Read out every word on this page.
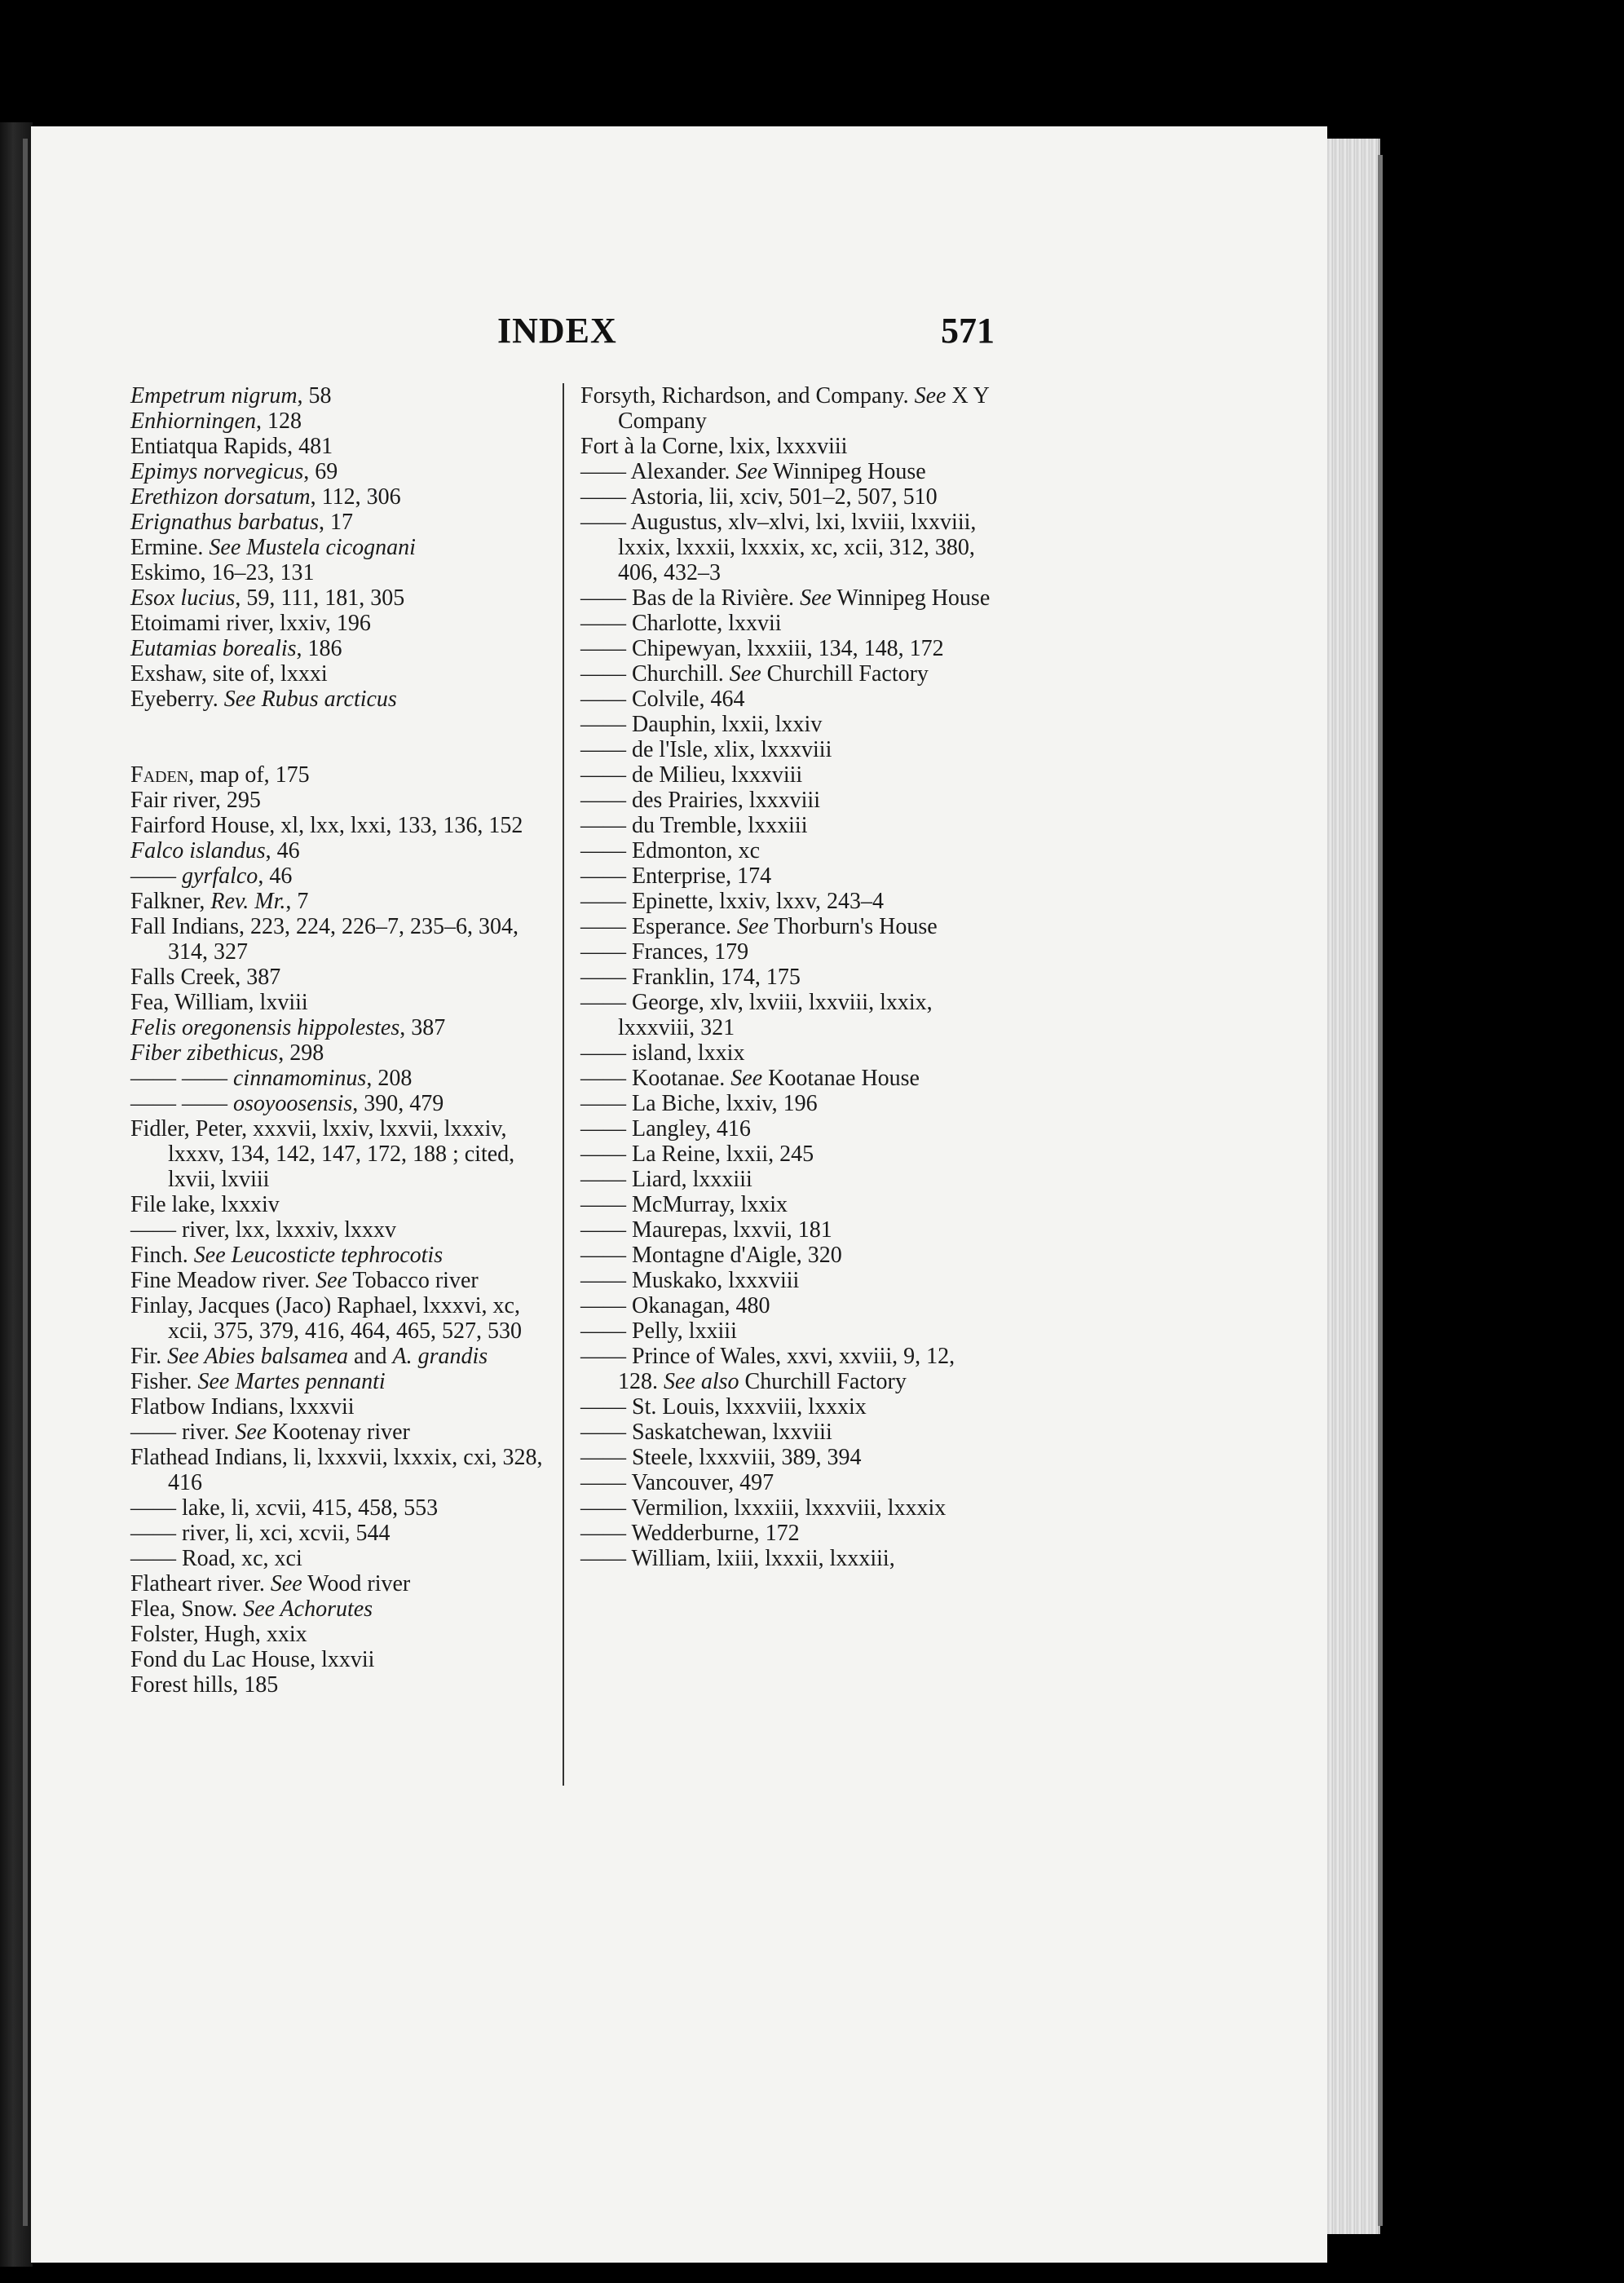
INDEX	571

Empetrum nigrum, 58

Enhiorningen, 128

Entiatqua Rapids, 481

Epimys norvegicus, 69

Erethizon dorsatum, 112, 306

Erignathus barbatus, 17

Ermine. See Mustela cicognani

Eskimo, 16–23, 131

Esox lucius, 59, 111, 181, 305

Etoimami river, lxxiv, 196

Eutamias borealis, 186

Exshaw, site of, lxxxi

Eyeberry. See Rubus arcticus

Faden, map of, 175

Fair river, 295

Fairford House, xl, lxx, lxxi, 133, 136, 152

Falco islandus, 46

—— gyrfalco, 46

Falkner, Rev. Mr., 7

Fall Indians, 223, 224, 226–7, 235–6, 304, 314, 327

Falls Creek, 387

Fea, William, lxviii

Felis oregonensis hippolestes, 387

Fiber zibethicus, 298

—— —— cinnamominus, 208

—— —— osoyoosensis, 390, 479

Fidler, Peter, xxxvii, lxxiv, lxxvii, lxxxiv, lxxxv, 134, 142, 147, 172, 188 ; cited, lxvii, lxviii

File lake, lxxxiv

—— river, lxx, lxxxiv, lxxxv

Finch. See Leucosticte tephrocotis

Fine Meadow river. See Tobacco river

Finlay, Jacques (Jaco) Raphael, lxxxvi, xc, xcii, 375, 379, 416, 464, 465, 527, 530

Fir. See Abies balsamea and A. grandis

Fisher. See Martes pennanti

Flatbow Indians, lxxxvii

—— river. See Kootenay river

Flathead Indians, li, lxxxvii, lxxxix, cxi, 328, 416

—— lake, li, xcvii, 415, 458, 553

—— river, li, xci, xcvii, 544

—— Road, xc, xci

Flatheart river. See Wood river

Flea, Snow. See Achorutes

Folster, Hugh, xxix

Fond du Lac House, lxxvii

Forest hills, 185

Forsyth, Richardson, and Company. See X Y Company

Fort à la Corne, lxix, lxxxviii

—— Alexander. See Winnipeg House

—— Astoria, lii, xciv, 501–2, 507, 510

—— Augustus, xlv–xlvi, lxi, lxviii, lxxviii, lxxix, lxxxii, lxxxix, xc, xcii, 312, 380, 406, 432–3

—— Bas de la Rivière. See Winnipeg House

—— Charlotte, lxxvii

—— Chipewyan, lxxxiii, 134, 148, 172

—— Churchill. See Churchill Factory

—— Colvile, 464

—— Dauphin, lxxii, lxxiv

—— de l'Isle, xlix, lxxxviii

—— de Milieu, lxxxviii

—— des Prairies, lxxxviii

—— du Tremble, lxxxiii

—— Edmonton, xc

—— Enterprise, 174

—— Epinette, lxxiv, lxxv, 243–4

—— Esperance. See Thorburn's House

—— Frances, 179

—— Franklin, 174, 175

—— George, xlv, lxviii, lxxviii, lxxix, lxxxviii, 321

—— island, lxxix

—— Kootanae. See Kootanae House

—— La Biche, lxxiv, 196

—— Langley, 416

—— La Reine, lxxii, 245

—— Liard, lxxxiii

—— McMurray, lxxix

—— Maurepas, lxxvii, 181

—— Montagne d'Aigle, 320

—— Muskako, lxxxviii

—— Okanagan, 480

—— Pelly, lxxiii

—— Prince of Wales, xxvi, xxviii, 9, 12, 128. See also Churchill Factory

—— St. Louis, lxxxviii, lxxxix

—— Saskatchewan, lxxviii

—— Steele, lxxxviii, 389, 394

—— Vancouver, 497

—— Vermilion, lxxxiii, lxxxviii, lxxxix

—— Wedderburne, 172

—— William, lxiii, lxxxii, lxxxiii,
